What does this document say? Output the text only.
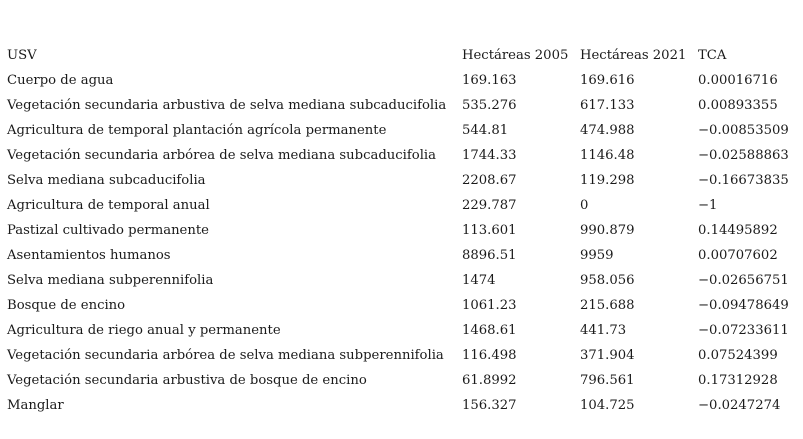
USV	Hectáreas 2005	Hectáreas 2021	TCA
Cuerpo de agua	169.163	169.616	0.00016716
Vegetación secundaria arbustiva de selva mediana subcaducifolia	535.276	617.133	0.00893355
Agricultura de temporal plantación agrícola permanente	544.81	474.988	−0.00853509
Vegetación secundaria arbórea de selva mediana subcaducifolia	1744.33	1146.48	−0.02588863
Selva mediana subcaducifolia	2208.67	119.298	−0.16673835
Agricultura de temporal anual	229.787	0	−1
Pastizal cultivado permanente	113.601	990.879	0.14495892
Asentamientos humanos	8896.51	9959	0.00707602
Selva mediana subperennifolia	1474	958.056	−0.02656751
Bosque de encino	1061.23	215.688	−0.09478649
Agricultura de riego anual y permanente	1468.61	441.73	−0.07233611
Vegetación secundaria arbórea de selva mediana subperennifolia	116.498	371.904	0.07524399
Vegetación secundaria arbustiva de bosque de encino	61.8992	796.561	0.17312928
Manglar	156.327	104.725	−0.0247274
